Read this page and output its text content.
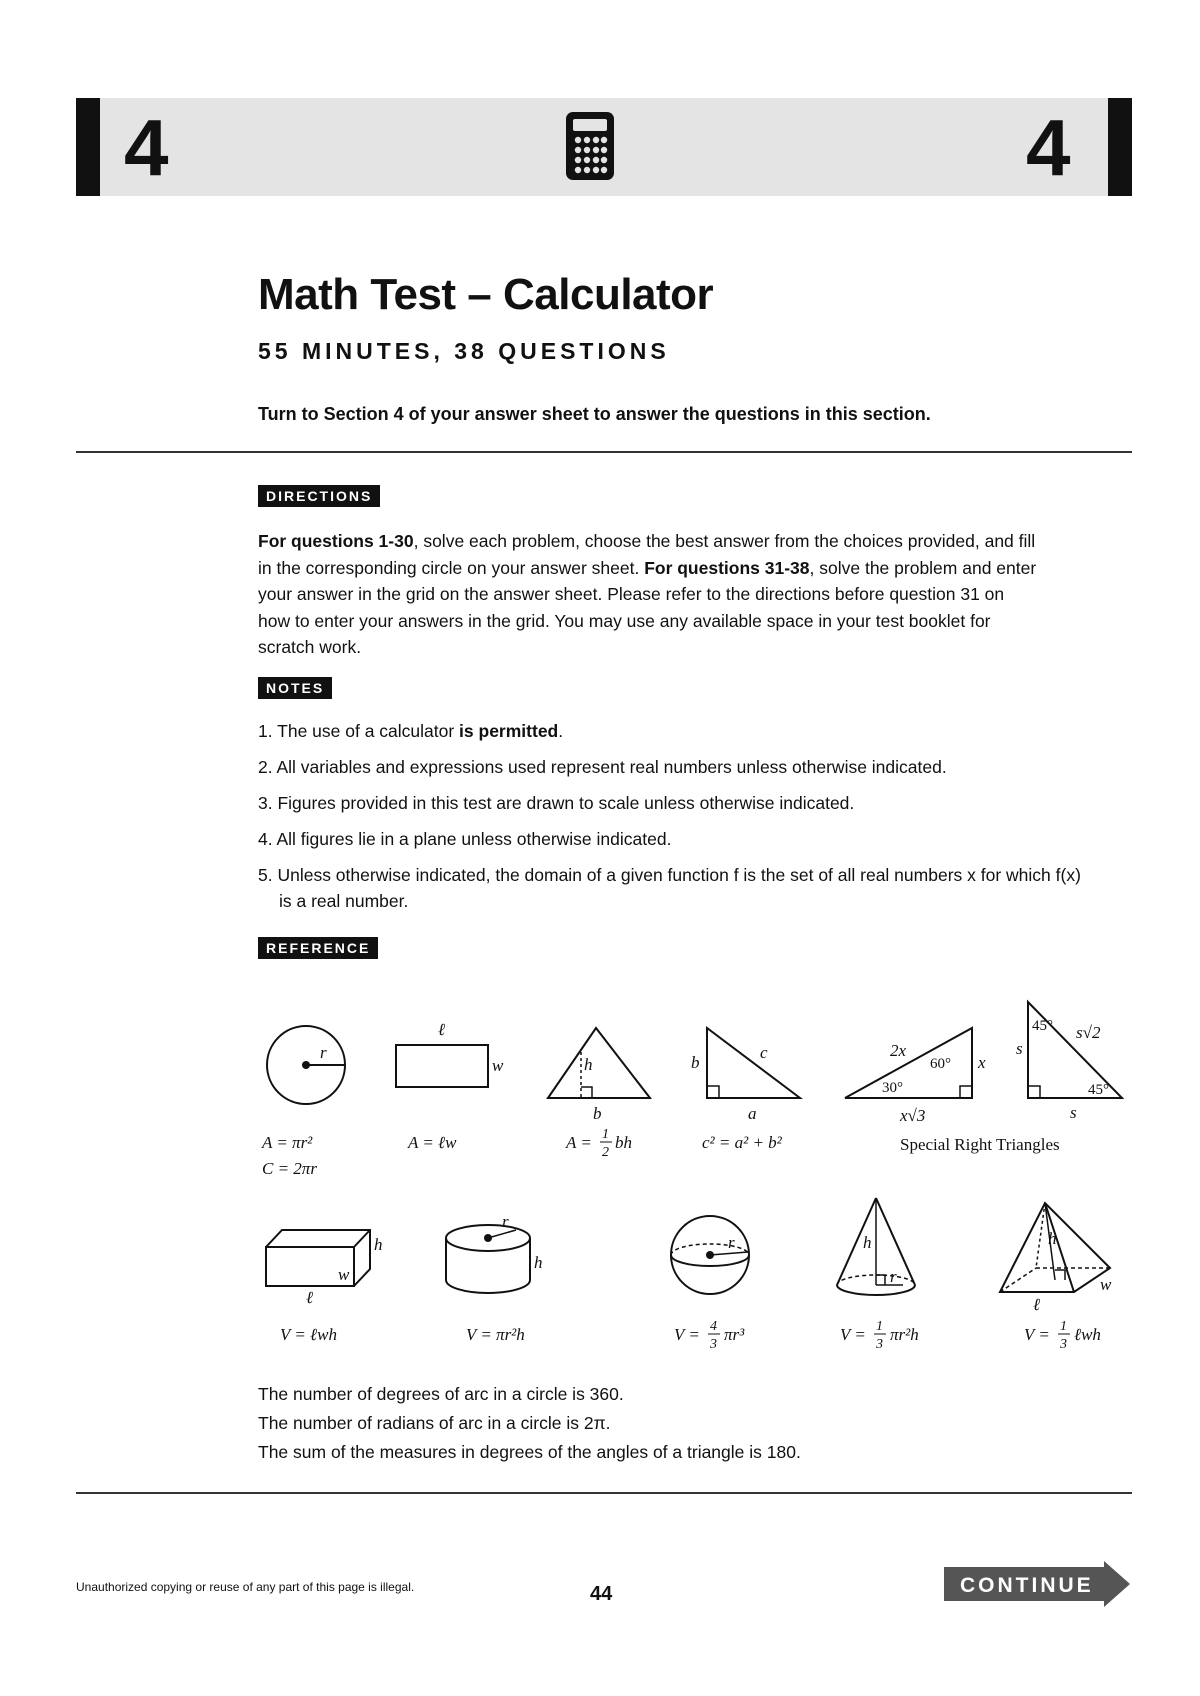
4	4
Math Test – Calculator
55 MINUTES, 38 QUESTIONS
Turn to Section 4 of your answer sheet to answer the questions in this section.
DIRECTIONS
For questions 1-30, solve each problem, choose the best answer from the choices provided, and fill in the corresponding circle on your answer sheet. For questions 31-38, solve the problem and enter your answer in the grid on the answer sheet. Please refer to the directions before question 31 on how to enter your answers in the grid. You may use any available space in your test booklet for scratch work.
NOTES
1. The use of a calculator is permitted.
2. All variables and expressions used represent real numbers unless otherwise indicated.
3. Figures provided in this test are drawn to scale unless otherwise indicated.
4. All figures lie in a plane unless otherwise indicated.
5. Unless otherwise indicated, the domain of a given function f is the set of all real numbers x for which f(x) is a real number.
REFERENCE
r
ℓ
w	h
b
b
c
a
2x
x
x√3
s
s√2
s
h
w
ℓ
r
h
r	h
r
h
w
ℓ
60°
30°
45°
45°
A = πr²
C = 2πr
A = ℓw	A = 1
2
bh	c² = a² + b²
V = ℓwh	V = πr²h	V = 4
3
πr³	V = 1
3
πr²h	V = 1
3
ℓwh
Special Right Triangles
The number of degrees of arc in a circle is 360.
The number of radians of arc in a circle is 2π.
The sum of the measures in degrees of the angles of a triangle is 180.
Unauthorized copying or reuse of any part of this page is illegal.	44	CONTINUE
